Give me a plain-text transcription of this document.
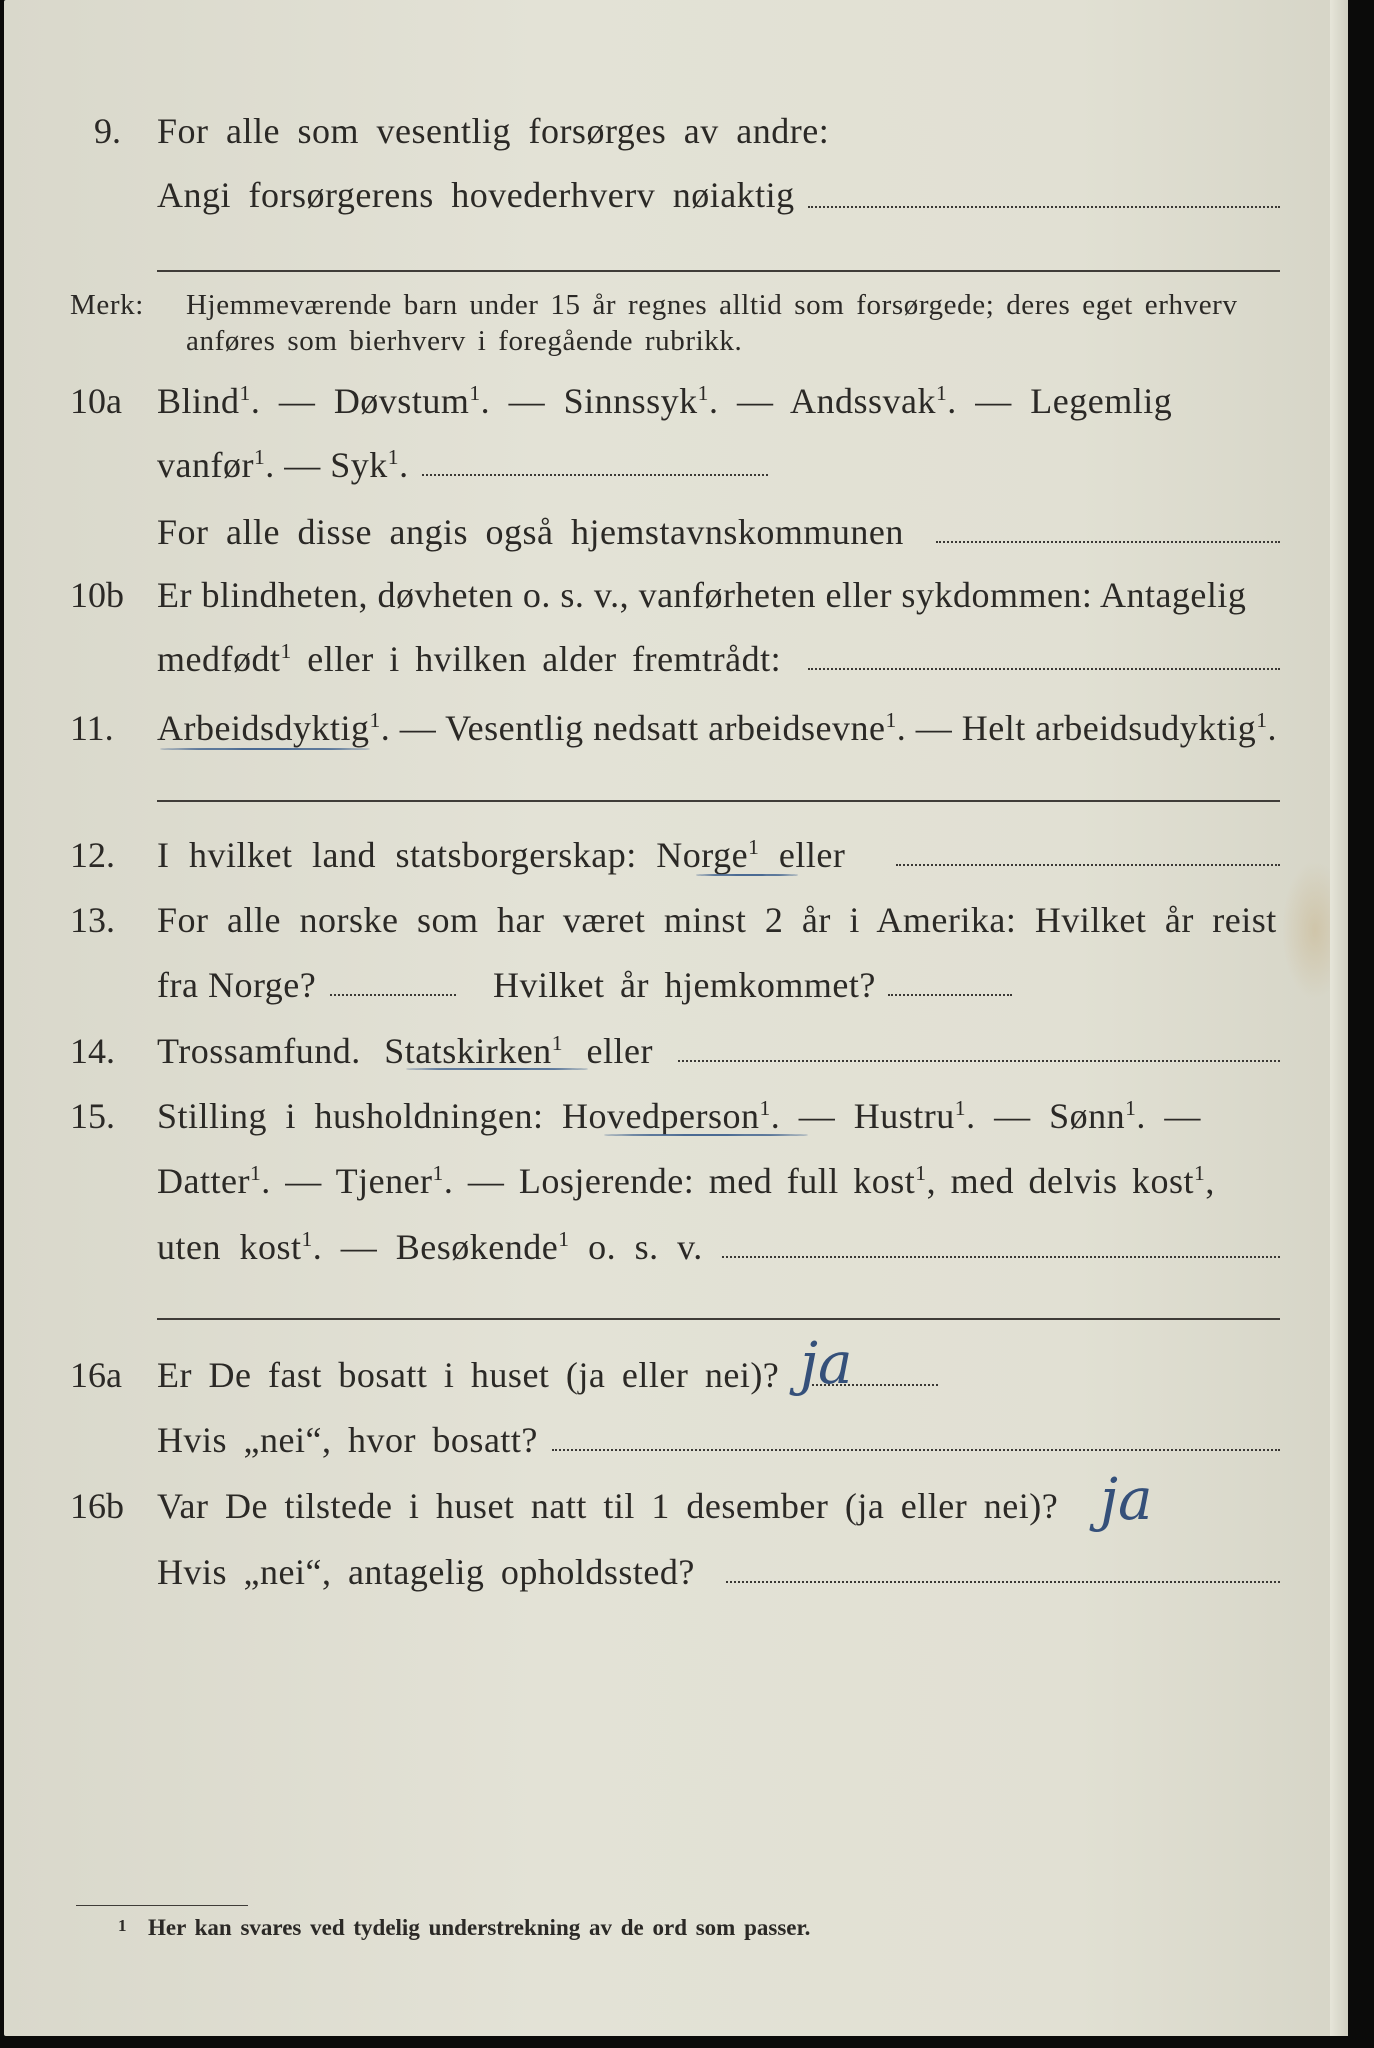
9. For alle som vesentlig forsørges av andre:
Angi forsørgerens hovederhverv nøiaktig
Merk: Hjemmeværende barn under 15 år regnes alltid som forsørgede; deres eget erhverv
anføres som bierhverv i foregående rubrikk.
10a Blind$^1$. — Døvstum$^1$. — Sinnssyk$^1$. — Andssvak$^1$. — Legemlig
vanfør$^1$. — Syk$^1$.
For alle disse angis også hjemstavnskommunen
10b Er blindheten, døvheten o. s. v., vanførheten eller sykdommen: Antagelig
medfødt$^1$ eller i hvilken alder fremtrådt:
11. Arbeidsdyktig$^1$. — Vesentlig nedsatt arbeidsevne$^1$. — Helt arbeidsudyktig$^1$.
12. I hvilket land statsborgerskap: Norge$^1$ eller
13. For alle norske som har været minst 2 år i Amerika: Hvilket år reist
fra Norge?	Hvilket år hjemkommet?
14. Trossamfund. Statskirken$^1$ eller
15. Stilling i husholdningen: Hovedperson$^1$. — Hustru$^1$. — Sønn$^1$. —
Datter$^1$. — Tjener$^1$. — Losjerende: med full kost$^1$, med delvis kost$^1$,
uten kost$^1$. — Besøkende$^1$ o. s. v.
16a Er De fast bosatt i huset (ja eller nei)? ja
Hvis „nei“, hvor bosatt?
16b Var De tilstede i huset natt til 1 desember (ja eller nei)? ja
Hvis „nei“, antagelig opholdssted?
1 Her kan svares ved tydelig understrekning av de ord som passer.
